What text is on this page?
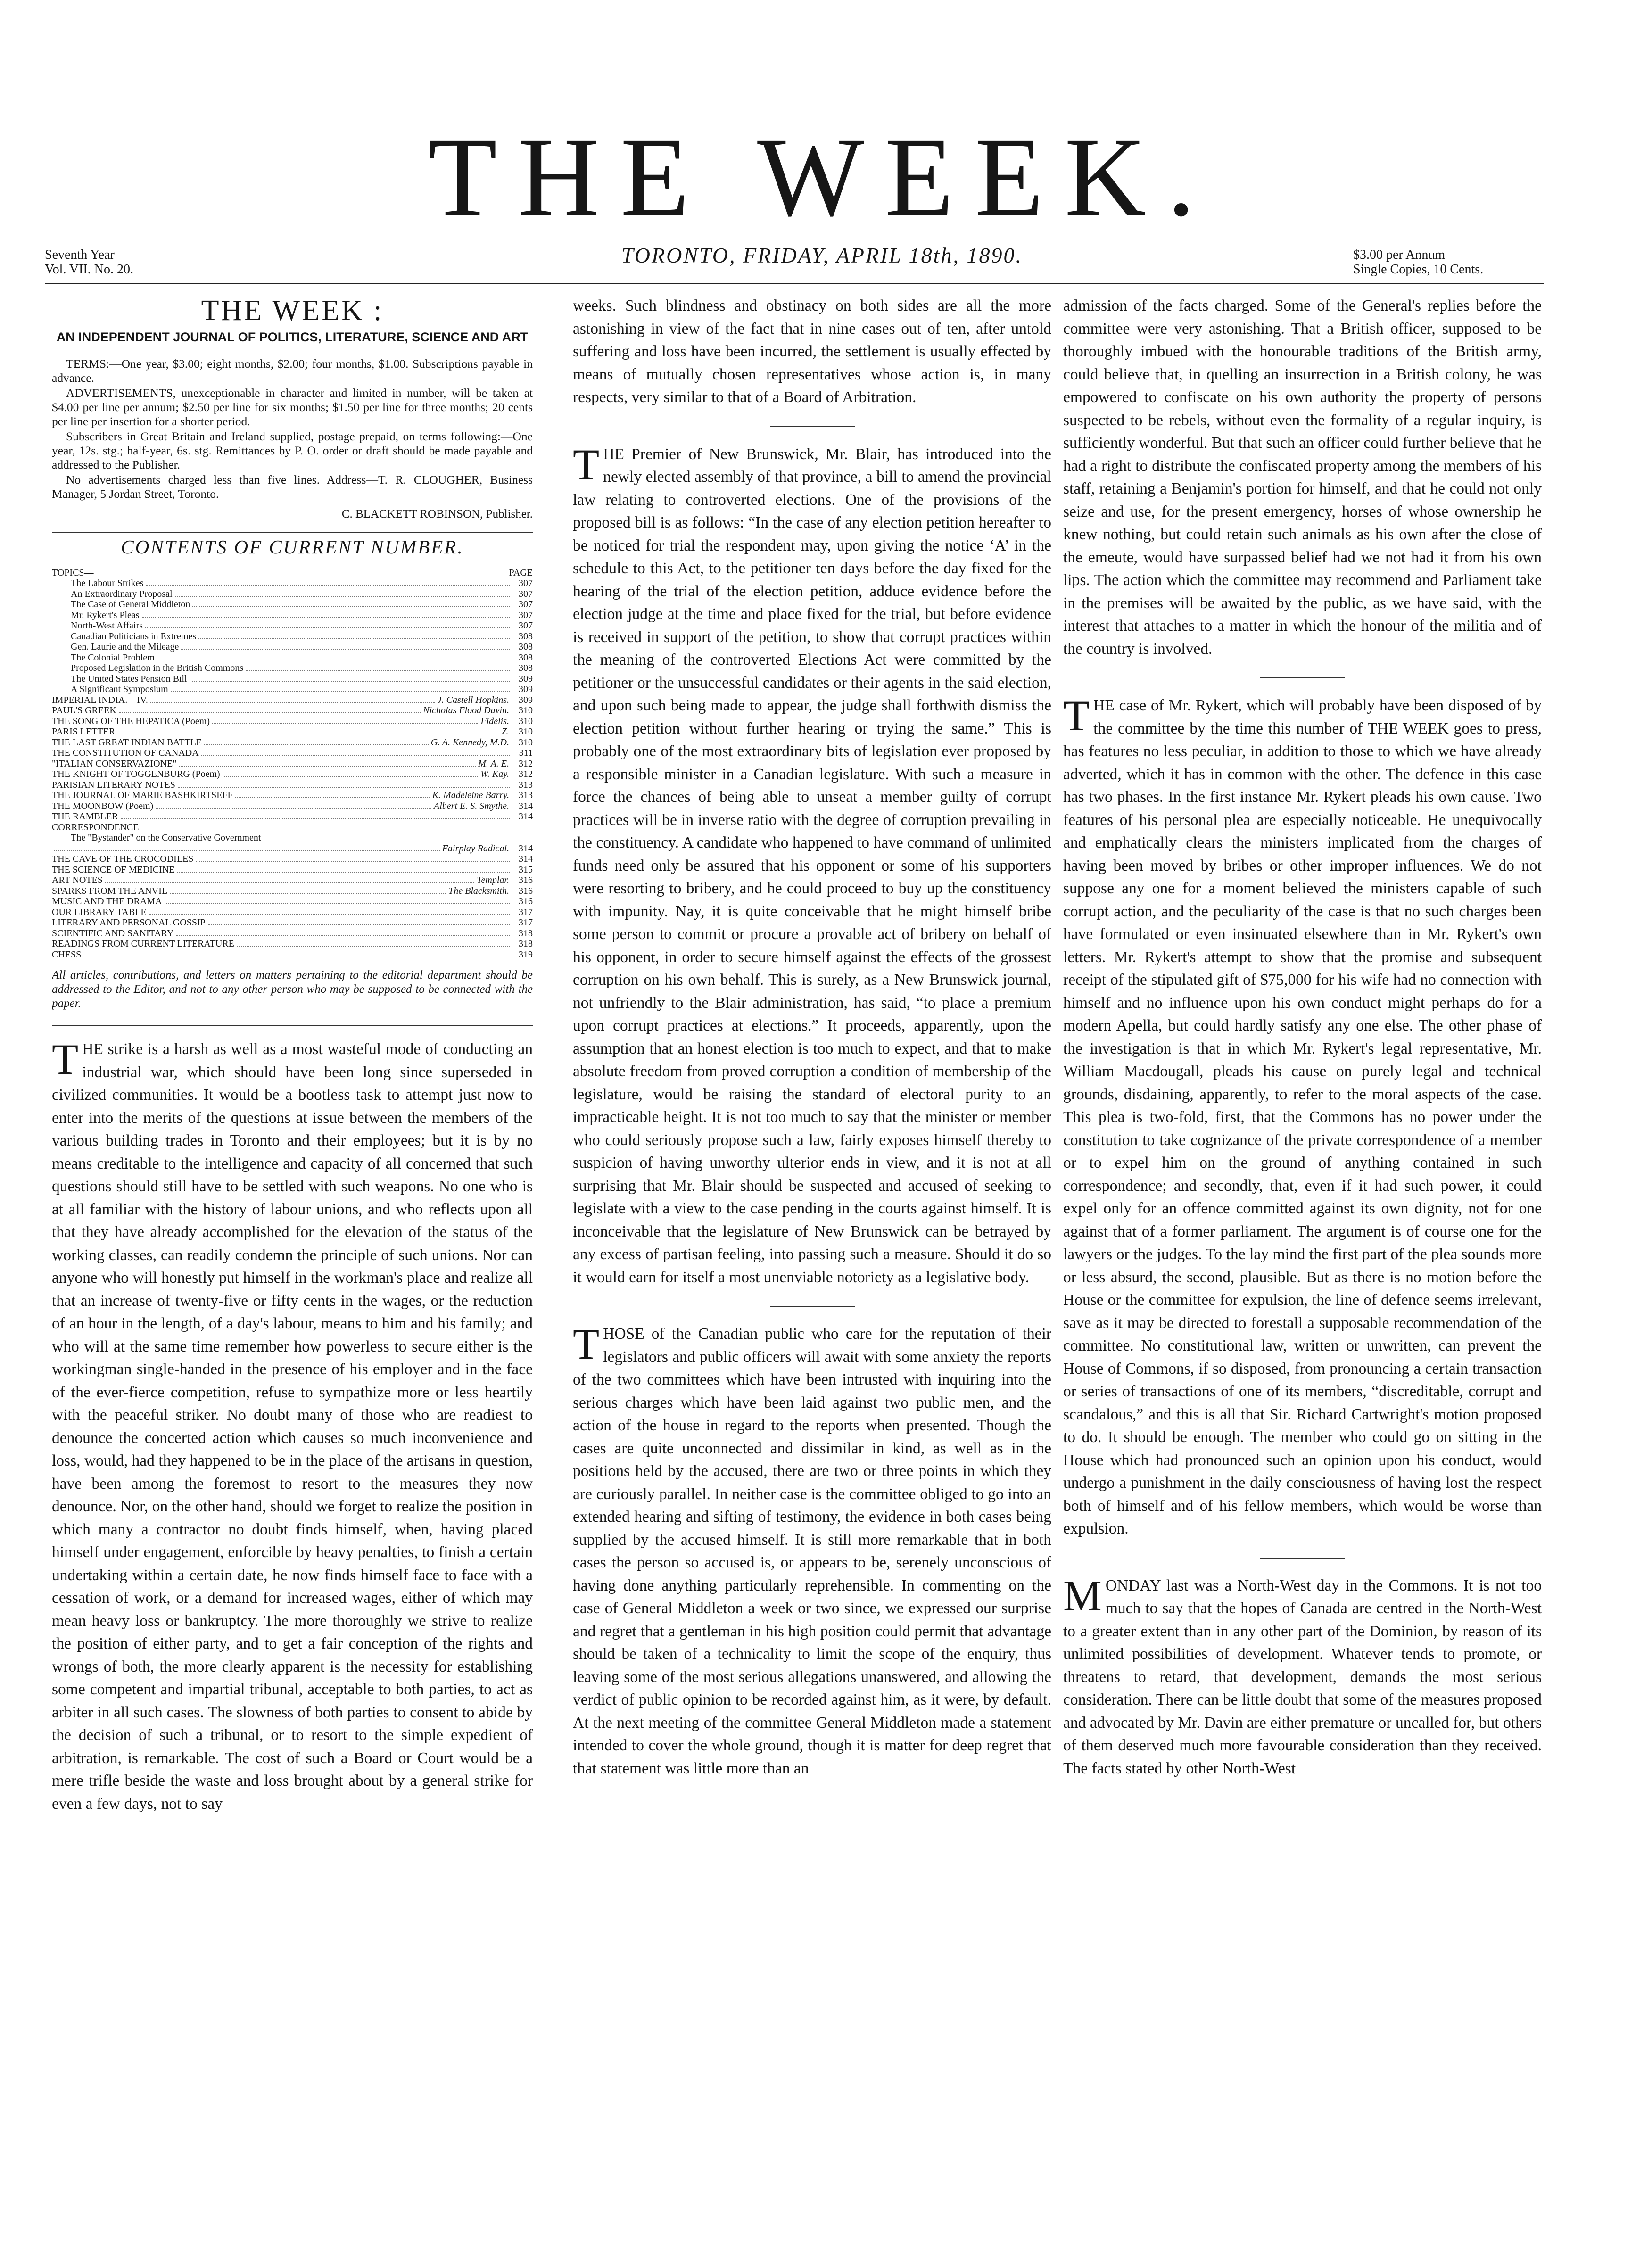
THE WEEK.
Seventh Year
Vol. VII. No. 20.
TORONTO, FRIDAY, APRIL 18th, 1890.	$3.00 per Annum
Single Copies, 10 Cents.
THE WEEK :
AN INDEPENDENT JOURNAL OF POLITICS, LITERATURE, SCIENCE AND ART

TERMS:—One year, $3.00; eight months, $2.00; four months, $1.00. Subscriptions payable in advance.

ADVERTISEMENTS, unexceptionable in character and limited in number, will be taken at $4.00 per line per annum; $2.50 per line for six months; $1.50 per line for three months; 20 cents per line per insertion for a shorter period.

Subscribers in Great Britain and Ireland supplied, postage prepaid, on terms following:—One year, 12s. stg.; half-year, 6s. stg. Remittances by P. O. order or draft should be made payable and addressed to the Publisher.

No advertisements charged less than five lines. Address—T. R. CLOUGHER, Business Manager, 5 Jordan Street, Toronto.

C. BLACKETT ROBINSON, Publisher.
CONTENTS OF CURRENT NUMBER.
TOPICS—	PAGE
The Labour Strikes	307
An Extraordinary Proposal	307
The Case of General Middleton	307
Mr. Rykert's Pleas	307
North-West Affairs	307
Canadian Politicians in Extremes	308
Gen. Laurie and the Mileage	308
The Colonial Problem	308
Proposed Legislation in the British Commons	308
The United States Pension Bill	309
A Significant Symposium	309
IMPERIAL INDIA.—IV.	J. Castell Hopkins.	309
PAUL'S GREEK	Nicholas Flood Davin.	310
THE SONG OF THE HEPATICA (Poem)	Fidelis.	310
PARIS LETTER	Z.	310
THE LAST GREAT INDIAN BATTLE	G. A. Kennedy, M.D.	310
THE CONSTITUTION OF CANADA	311
"ITALIAN CONSERVAZIONE"	M. A. E.	312
THE KNIGHT OF TOGGENBURG (Poem)	W. Kay.	312
PARISIAN LITERARY NOTES	313
THE JOURNAL OF MARIE BASHKIRTSEFF	K. Madeleine Barry.	313
THE MOONBOW (Poem)	Albert E. S. Smythe.	314
THE RAMBLER	314
CORRESPONDENCE—
The "Bystander" on the Conservative Government
Fairplay Radical.	314
THE CAVE OF THE CROCODILES	314
THE SCIENCE OF MEDICINE	315
ART NOTES	Templar.	316
SPARKS FROM THE ANVIL	The Blacksmith.	316
MUSIC AND THE DRAMA	316
OUR LIBRARY TABLE	317
LITERARY AND PERSONAL GOSSIP	317
SCIENTIFIC AND SANITARY	318
READINGS FROM CURRENT LITERATURE	318
CHESS	319
All articles, contributions, and letters on matters pertaining to the editorial department should be addressed to the Editor, and not to any other person who may be supposed to be connected with the paper.

THE strike is a harsh as well as a most wasteful mode of conducting an industrial war, which should have been long since superseded in civilized communities. It would be a bootless task to attempt just now to enter into the merits of the questions at issue between the members of the various building trades in Toronto and their employees; but it is by no means creditable to the intelligence and capacity of all concerned that such questions should still have to be settled with such weapons. No one who is at all familiar with the history of labour unions, and who reflects upon all that they have already accomplished for the elevation of the status of the working classes, can readily condemn the principle of such unions. Nor can anyone who will honestly put himself in the workman's place and realize all that an increase of twenty-five or fifty cents in the wages, or the reduction of an hour in the length, of a day's labour, means to him and his family; and who will at the same time remember how powerless to secure either is the workingman single-handed in the presence of his employer and in the face of the ever-fierce competition, refuse to sympathize more or less heartily with the peaceful striker. No doubt many of those who are readiest to denounce the concerted action which causes so much inconvenience and loss, would, had they happened to be in the place of the artisans in question, have been among the foremost to resort to the measures they now denounce. Nor, on the other hand, should we forget to realize the position in which many a contractor no doubt finds himself, when, having placed himself under engagement, enforcible by heavy penalties, to finish a certain undertaking within a certain date, he now finds himself face to face with a cessation of work, or a demand for increased wages, either of which may mean heavy loss or bankruptcy. The more thoroughly we strive to realize the position of either party, and to get a fair conception of the rights and wrongs of both, the more clearly apparent is the necessity for establishing some competent and impartial tribunal, acceptable to both parties, to act as arbiter in all such cases. The slowness of both parties to consent to abide by the decision of such a tribunal, or to resort to the simple expedient of arbitration, is remarkable. The cost of such a Board or Court would be a mere trifle beside the waste and loss brought about by a general strike for even a few days, not to say

weeks. Such blindness and obstinacy on both sides are all the more astonishing in view of the fact that in nine cases out of ten, after untold suffering and loss have been incurred, the settlement is usually effected by means of mutually chosen representatives whose action is, in many respects, very similar to that of a Board of Arbitration.

THE Premier of New Brunswick, Mr. Blair, has introduced into the newly elected assembly of that province, a bill to amend the provincial law relating to controverted elections. One of the provisions of the proposed bill is as follows: “In the case of any election petition hereafter to be noticed for trial the respondent may, upon giving the notice ‘A’ in the schedule to this Act, to the petitioner ten days before the day fixed for the hearing of the trial of the election petition, adduce evidence before the election judge at the time and place fixed for the trial, but before evidence is received in support of the petition, to show that corrupt practices within the meaning of the controverted Elections Act were committed by the petitioner or the unsuccessful candidates or their agents in the said election, and upon such being made to appear, the judge shall forthwith dismiss the election petition without further hearing or trying the same.” This is probably one of the most extraordinary bits of legislation ever proposed by a responsible minister in a Canadian legislature. With such a measure in force the chances of being able to unseat a member guilty of corrupt practices will be in inverse ratio with the degree of corruption prevailing in the constituency. A candidate who happened to have command of unlimited funds need only be assured that his opponent or some of his supporters were resorting to bribery, and he could proceed to buy up the constituency with impunity. Nay, it is quite conceivable that he might himself bribe some person to commit or procure a provable act of bribery on behalf of his opponent, in order to secure himself against the effects of the grossest corruption on his own behalf. This is surely, as a New Brunswick journal, not unfriendly to the Blair administration, has said, “to place a premium upon corrupt practices at elections.” It proceeds, apparently, upon the assumption that an honest election is too much to expect, and that to make absolute freedom from proved corruption a condition of membership of the legislature, would be raising the standard of electoral purity to an impracticable height. It is not too much to say that the minister or member who could seriously propose such a law, fairly exposes himself thereby to suspicion of having unworthy ulterior ends in view, and it is not at all surprising that Mr. Blair should be suspected and accused of seeking to legislate with a view to the case pending in the courts against himself. It is inconceivable that the legislature of New Brunswick can be betrayed by any excess of partisan feeling, into passing such a measure. Should it do so it would earn for itself a most unenviable notoriety as a legislative body.

THOSE of the Canadian public who care for the reputation of their legislators and public officers will await with some anxiety the reports of the two committees which have been intrusted with inquiring into the serious charges which have been laid against two public men, and the action of the house in regard to the reports when presented. Though the cases are quite unconnected and dissimilar in kind, as well as in the positions held by the accused, there are two or three points in which they are curiously parallel. In neither case is the committee obliged to go into an extended hearing and sifting of testimony, the evidence in both cases being supplied by the accused himself. It is still more remarkable that in both cases the person so accused is, or appears to be, serenely unconscious of having done anything particularly reprehensible. In commenting on the case of General Middleton a week or two since, we expressed our surprise and regret that a gentleman in his high position could permit that advantage should be taken of a technicality to limit the scope of the enquiry, thus leaving some of the most serious allegations unanswered, and allowing the verdict of public opinion to be recorded against him, as it were, by default. At the next meeting of the committee General Middleton made a statement intended to cover the whole ground, though it is matter for deep regret that that statement was little more than an

admission of the facts charged. Some of the General's replies before the committee were very astonishing. That a British officer, supposed to be thoroughly imbued with the honourable traditions of the British army, could believe that, in quelling an insurrection in a British colony, he was empowered to confiscate on his own authority the property of persons suspected to be rebels, without even the formality of a regular inquiry, is sufficiently wonderful. But that such an officer could further believe that he had a right to distribute the confiscated property among the members of his staff, retaining a Benjamin's portion for himself, and that he could not only seize and use, for the present emergency, horses of whose ownership he knew nothing, but could retain such animals as his own after the close of the emeute, would have surpassed belief had we not had it from his own lips. The action which the committee may recommend and Parliament take in the premises will be awaited by the public, as we have said, with the interest that attaches to a matter in which the honour of the militia and of the country is involved.

THE case of Mr. Rykert, which will probably have been disposed of by the committee by the time this number of THE WEEK goes to press, has features no less peculiar, in addition to those to which we have already adverted, which it has in common with the other. The defence in this case has two phases. In the first instance Mr. Rykert pleads his own cause. Two features of his personal plea are especially noticeable. He unequivocally and emphatically clears the ministers implicated from the charges of having been moved by bribes or other improper influences. We do not suppose any one for a moment believed the ministers capable of such corrupt action, and the peculiarity of the case is that no such charges been have formulated or even insinuated elsewhere than in Mr. Rykert's own letters. Mr. Rykert's attempt to show that the promise and subsequent receipt of the stipulated gift of $75,000 for his wife had no connection with himself and no influence upon his own conduct might perhaps do for a modern Apella, but could hardly satisfy any one else. The other phase of the investigation is that in which Mr. Rykert's legal representative, Mr. William Macdougall, pleads his cause on purely legal and technical grounds, disdaining, apparently, to refer to the moral aspects of the case. This plea is two-fold, first, that the Commons has no power under the constitution to take cognizance of the private correspondence of a member or to expel him on the ground of anything contained in such correspondence; and secondly, that, even if it had such power, it could expel only for an offence committed against its own dignity, not for one against that of a former parliament. The argument is of course one for the lawyers or the judges. To the lay mind the first part of the plea sounds more or less absurd, the second, plausible. But as there is no motion before the House or the committee for expulsion, the line of defence seems irrelevant, save as it may be directed to forestall a supposable recommendation of the committee. No constitutional law, written or unwritten, can prevent the House of Commons, if so disposed, from pronouncing a certain transaction or series of transactions of one of its members, “discreditable, corrupt and scandalous,” and this is all that Sir. Richard Cartwright's motion proposed to do. It should be enough. The member who could go on sitting in the House which had pronounced such an opinion upon his conduct, would undergo a punishment in the daily consciousness of having lost the respect both of himself and of his fellow members, which would be worse than expulsion.

MONDAY last was a North-West day in the Commons. It is not too much to say that the hopes of Canada are centred in the North-West to a greater extent than in any other part of the Dominion, by reason of its unlimited possibilities of development. Whatever tends to promote, or threatens to retard, that development, demands the most serious consideration. There can be little doubt that some of the measures proposed and advocated by Mr. Davin are either premature or uncalled for, but others of them deserved much more favourable consideration than they received. The facts stated by other North-West
